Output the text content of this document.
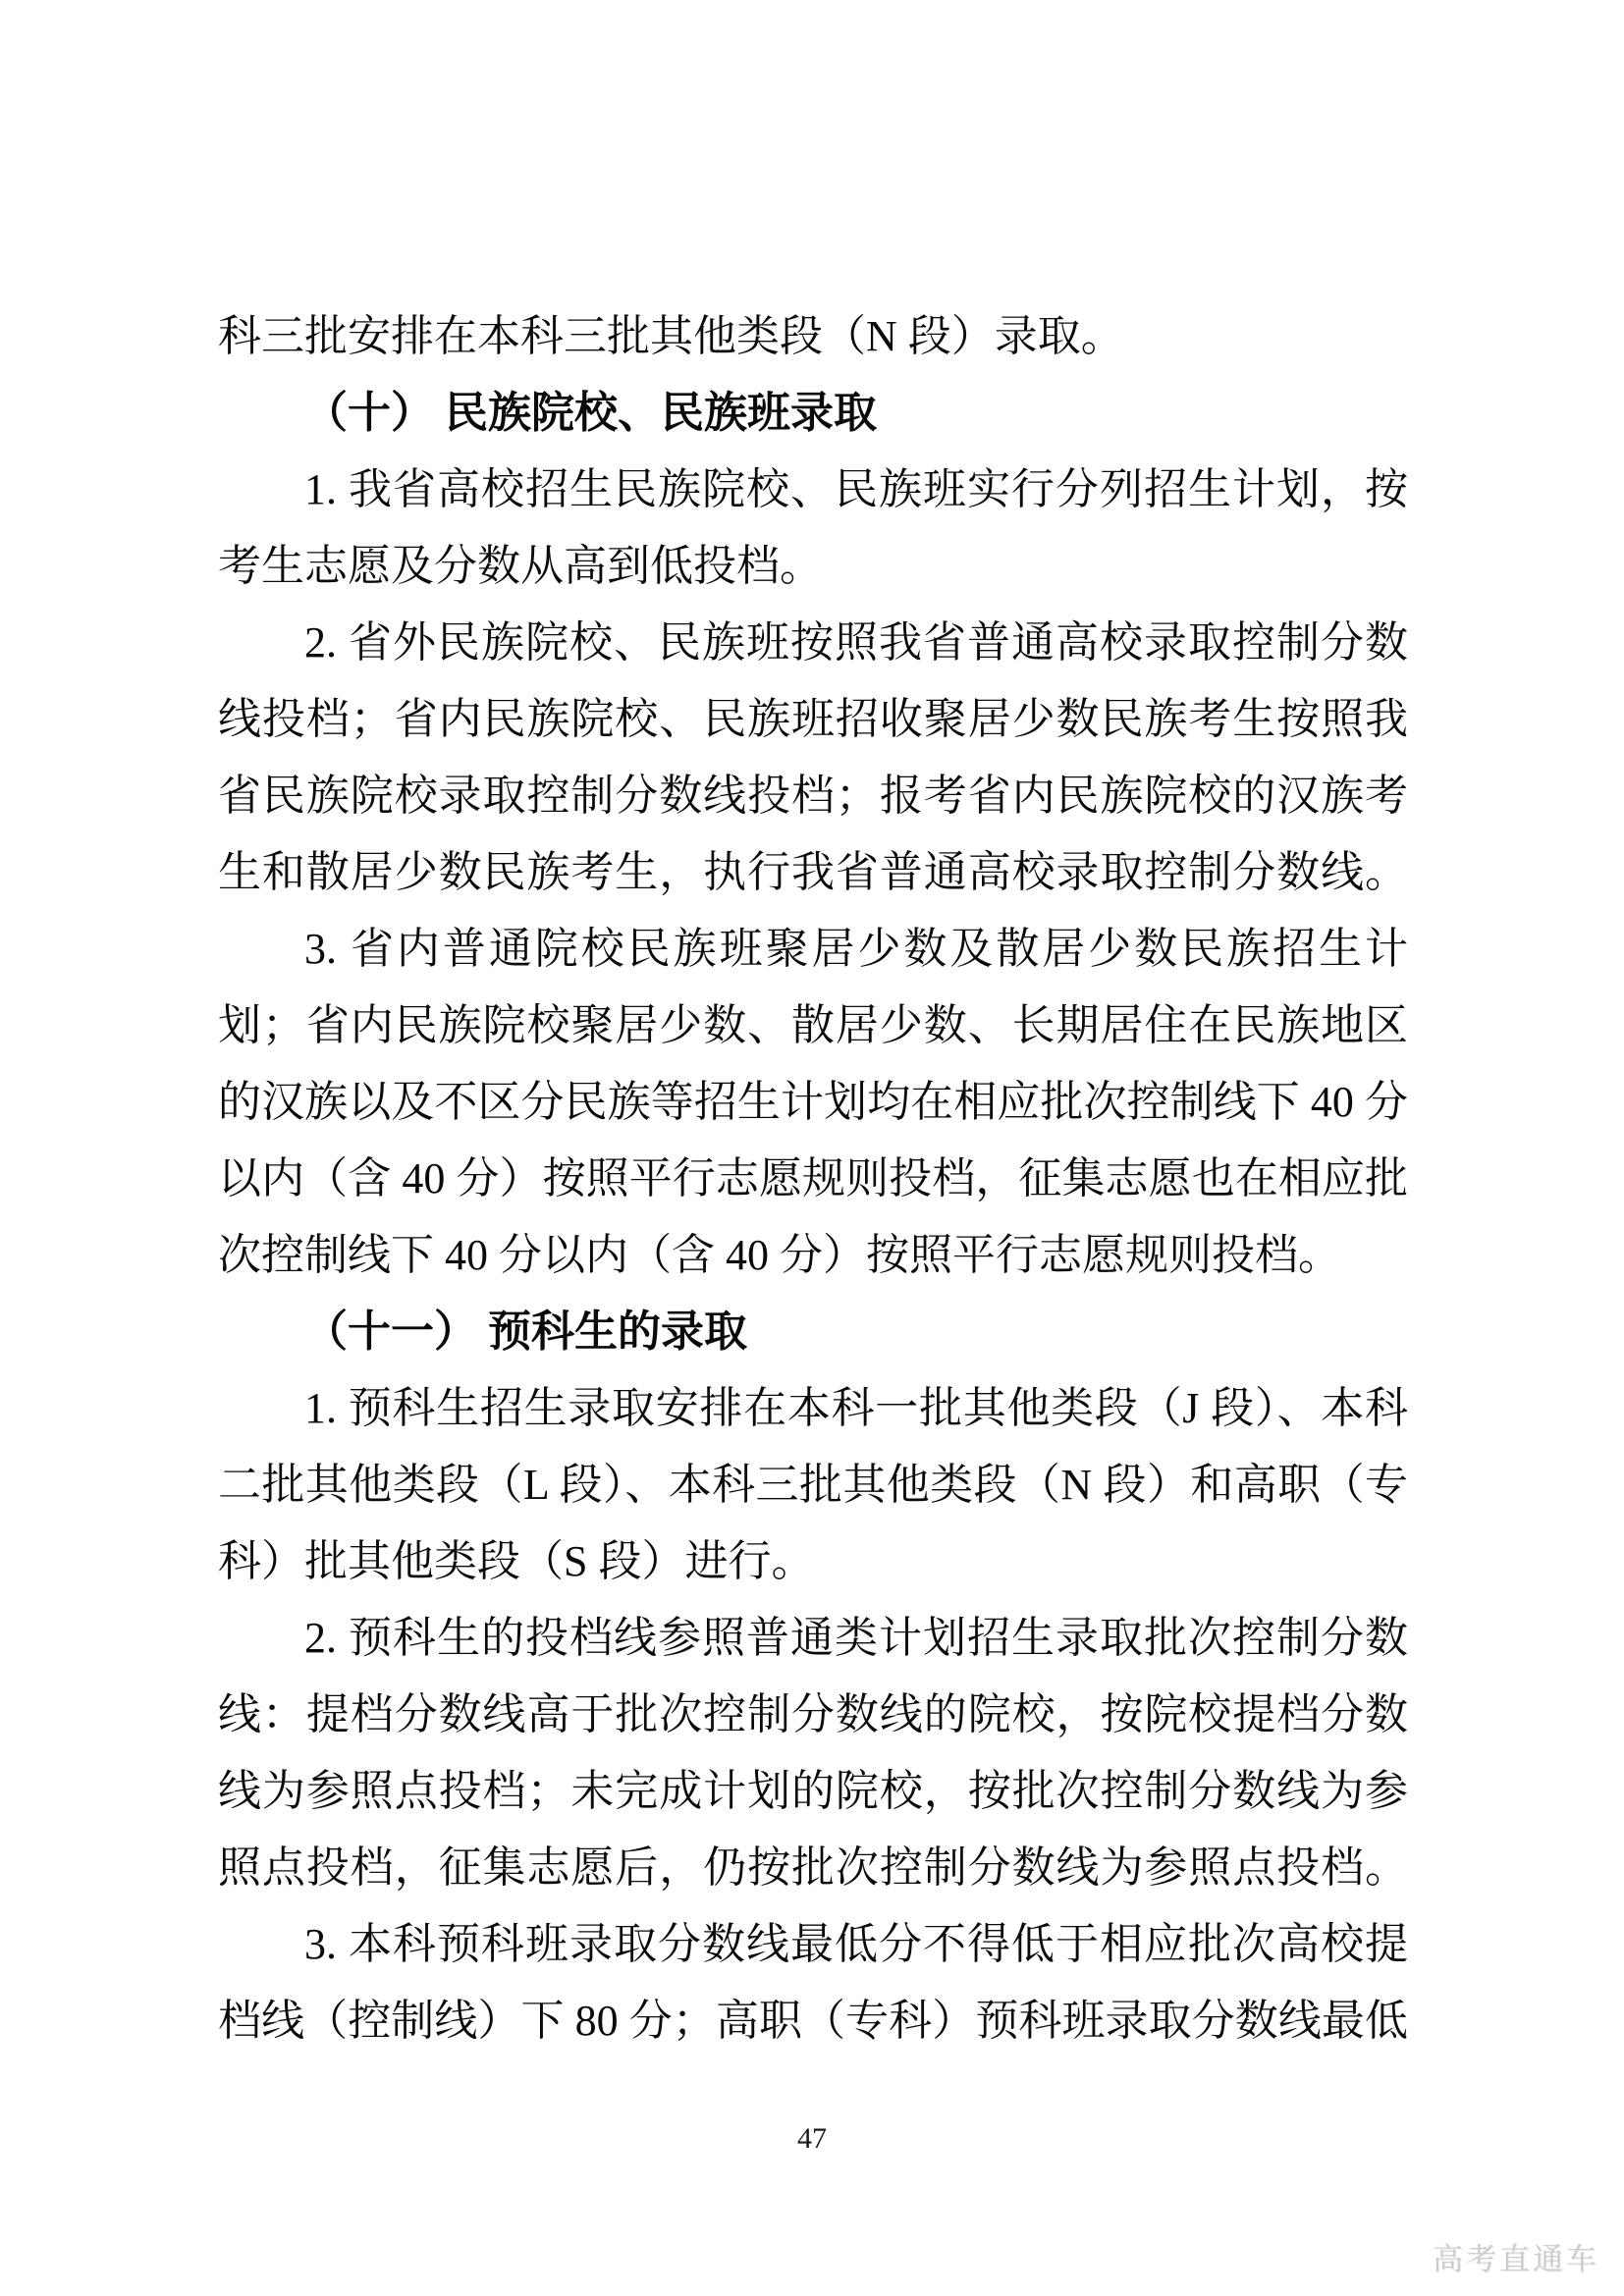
科三批安排在本科三批其他类段（N 段）录取。
（十） 民族院校、民族班录取
1. 我省高校招生民族院校、民族班实行分列招生计划，按
考生志愿及分数从高到低投档。
2. 省外民族院校、民族班按照我省普通高校录取控制分数
线投档；省内民族院校、民族班招收聚居少数民族考生按照我
省民族院校录取控制分数线投档；报考省内民族院校的汉族考
生和散居少数民族考生，执行我省普通高校录取控制分数线。
3. 省内普通院校民族班聚居少数及散居少数民族招生计
划；省内民族院校聚居少数、散居少数、长期居住在民族地区
的汉族以及不区分民族等招生计划均在相应批次控制线下 40 分
以内（含 40 分）按照平行志愿规则投档，征集志愿也在相应批
次控制线下 40 分以内（含 40 分）按照平行志愿规则投档。
（十一） 预科生的录取
1. 预科生招生录取安排在本科一批其他类段（J 段）、本科
二批其他类段（L 段）、本科三批其他类段（N 段）和高职（专
科）批其他类段（S 段）进行。
2. 预科生的投档线参照普通类计划招生录取批次控制分数
线：提档分数线高于批次控制分数线的院校，按院校提档分数
线为参照点投档；未完成计划的院校，按批次控制分数线为参
照点投档，征集志愿后，仍按批次控制分数线为参照点投档。
3. 本科预科班录取分数线最低分不得低于相应批次高校提
档线（控制线）下 80 分；高职（专科）预科班录取分数线最低
47
高考直通车
